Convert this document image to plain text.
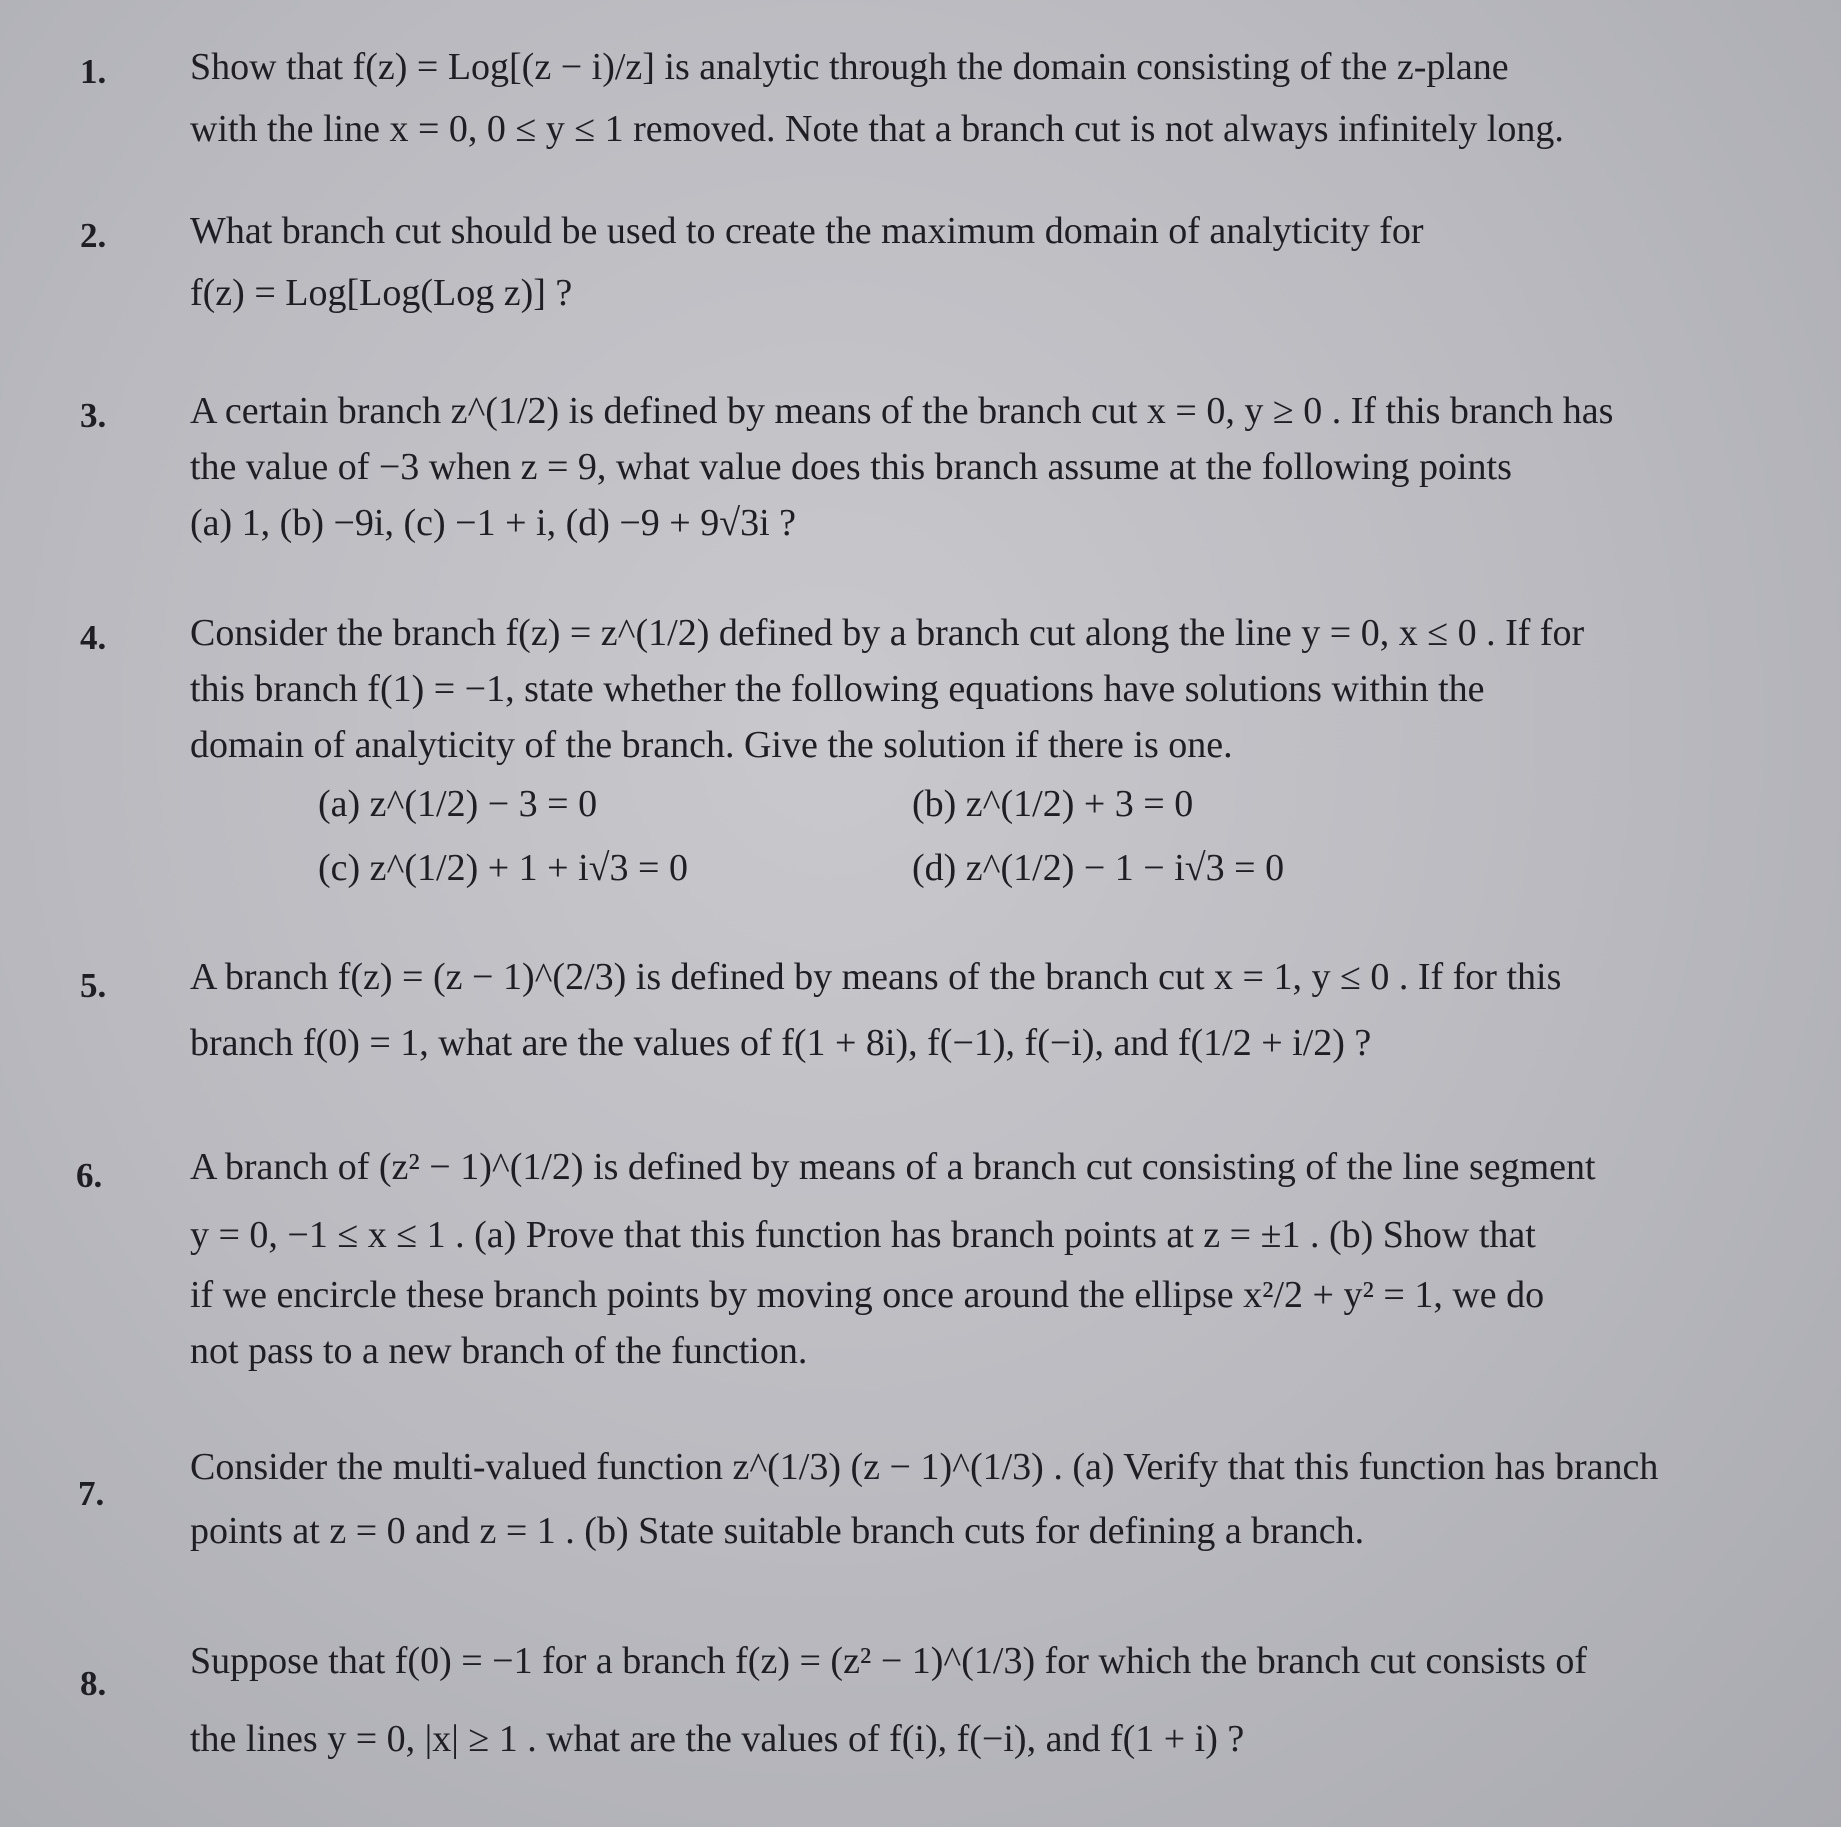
1.	Show that f(z) = Log[(z − i)/z] is analytic through the domain consisting of the z-plane
with the line x = 0, 0 ≤ y ≤ 1 removed. Note that a branch cut is not always infinitely long.
2.	What branch cut should be used to create the maximum domain of analyticity for
f(z) = Log[Log(Log z)] ?
3.	A certain branch z^(1/2) is defined by means of the branch cut x = 0, y ≥ 0 . If this branch has
the value of −3 when z = 9, what value does this branch assume at the following points
(a) 1, (b) −9i, (c) −1 + i, (d) −9 + 9√3i ?
4.	Consider the branch f(z) = z^(1/2) defined by a branch cut along the line y = 0, x ≤ 0 . If for
this branch f(1) = −1, state whether the following equations have solutions within the
domain of analyticity of the branch. Give the solution if there is one.
(a) z^(1/2) − 3 = 0	(b) z^(1/2) + 3 = 0
(c) z^(1/2) + 1 + i√3 = 0	(d) z^(1/2) − 1 − i√3 = 0
5.	A branch f(z) = (z − 1)^(2/3) is defined by means of the branch cut x = 1, y ≤ 0 . If for this
branch f(0) = 1, what are the values of f(1 + 8i), f(−1), f(−i), and f(1/2 + i/2) ?
6.	A branch of (z² − 1)^(1/2) is defined by means of a branch cut consisting of the line segment
y = 0, −1 ≤ x ≤ 1 . (a) Prove that this function has branch points at z = ±1 . (b) Show that
if we encircle these branch points by moving once around the ellipse x²/2 + y² = 1, we do
not pass to a new branch of the function.
7.
Consider the multi-valued function z^(1/3) (z − 1)^(1/3) . (a) Verify that this function has branch
points at z = 0 and z = 1 . (b) State suitable branch cuts for defining a branch.
8.
Suppose that f(0) = −1 for a branch f(z) = (z² − 1)^(1/3) for which the branch cut consists of
the lines y = 0, |x| ≥ 1 . what are the values of f(i), f(−i), and f(1 + i) ?
